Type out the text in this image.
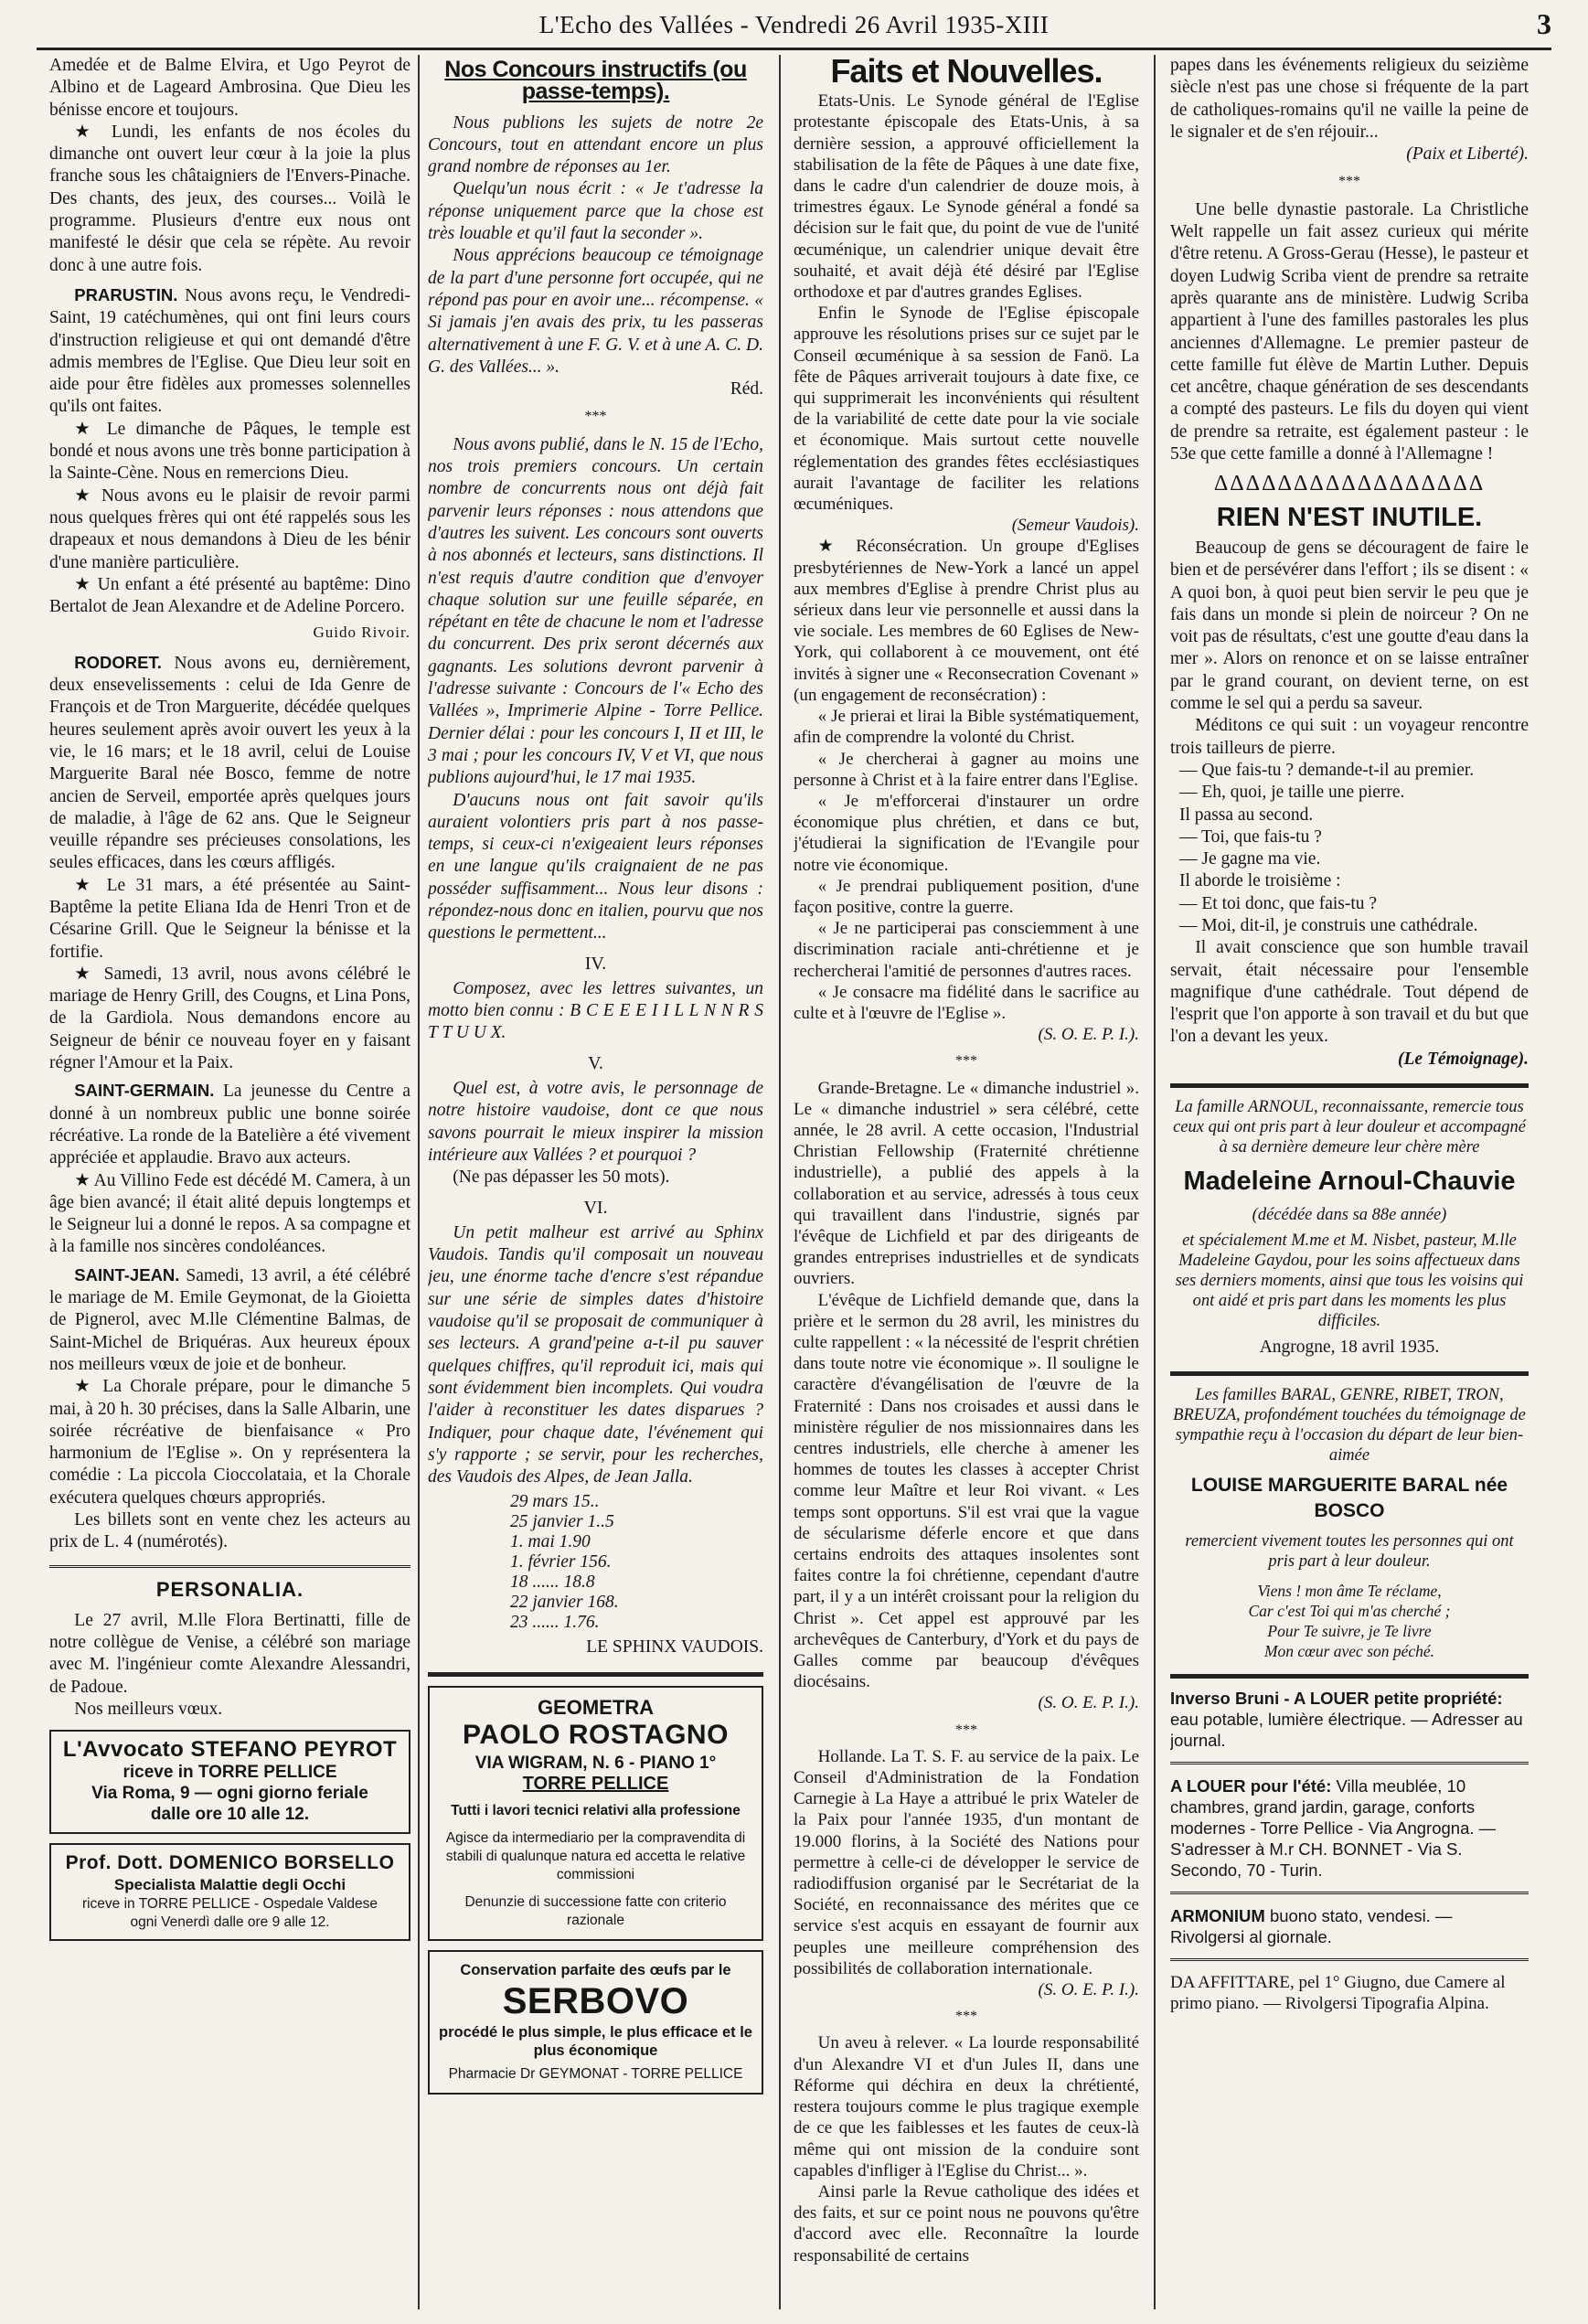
L'Echo des Vallées - Vendredi 26 Avril 1935-XIII	3

Amedée et de Balme Elvira, et Ugo Peyrot de Albino et de Lageard Ambrosina. Que Dieu les bénisse encore et toujours.

★ Lundi, les enfants de nos écoles du dimanche ont ouvert leur cœur à la joie la plus franche sous les châtaigniers de l'Envers-Pinache. Des chants, des jeux, des courses... Voilà le programme. Plusieurs d'entre eux nous ont manifesté le désir que cela se répète. Au revoir donc à une autre fois.

PRARUSTIN. Nous avons reçu, le Vendredi-Saint, 19 catéchumènes, qui ont fini leurs cours d'instruction religieuse et qui ont demandé d'être admis membres de l'Eglise. Que Dieu leur soit en aide pour être fidèles aux promesses solennelles qu'ils ont faites.

★ Le dimanche de Pâques, le temple est bondé et nous avons une très bonne participation à la Sainte-Cène. Nous en remercions Dieu.

★ Nous avons eu le plaisir de revoir parmi nous quelques frères qui ont été rappelés sous les drapeaux et nous demandons à Dieu de les bénir d'une manière particulière.

★ Un enfant a été présenté au baptême: Dino Bertalot de Jean Alexandre et de Adeline Porcero.

Guido Rivoir.

RODORET. Nous avons eu, dernièrement, deux ensevelissements : celui de Ida Genre de François et de Tron Marguerite, décédée quelques heures seulement après avoir ouvert les yeux à la vie, le 16 mars; et le 18 avril, celui de Louise Marguerite Baral née Bosco, femme de notre ancien de Serveil, emportée après quelques jours de maladie, à l'âge de 62 ans. Que le Seigneur veuille répandre ses précieuses consolations, les seules efficaces, dans les cœurs affligés.

★ Le 31 mars, a été présentée au Saint-Baptême la petite Eliana Ida de Henri Tron et de Césarine Grill. Que le Seigneur la bénisse et la fortifie.

★ Samedi, 13 avril, nous avons célébré le mariage de Henry Grill, des Cougns, et Lina Pons, de la Gardiola. Nous demandons encore au Seigneur de bénir ce nouveau foyer en y faisant régner l'Amour et la Paix.

SAINT-GERMAIN. La jeunesse du Centre a donné à un nombreux public une bonne soirée récréative. La ronde de la Batelière a été vivement appréciée et applaudie. Bravo aux acteurs.

★ Au Villino Fede est décédé M. Camera, à un âge bien avancé; il était alité depuis longtemps et le Seigneur lui a donné le repos. A sa compagne et à la famille nos sincères condoléances.

SAINT-JEAN. Samedi, 13 avril, a été célébré le mariage de M. Emile Geymonat, de la Gioietta de Pignerol, avec M.lle Clémentine Balmas, de Saint-Michel de Briquéras. Aux heureux époux nos meilleurs vœux de joie et de bonheur.

★ La Chorale prépare, pour le dimanche 5 mai, à 20 h. 30 précises, dans la Salle Albarin, une soirée récréative de bienfaisance « Pro harmonium de l'Eglise ». On y représentera la comédie : La piccola Cioccolataia, et la Chorale exécutera quelques chœurs appropriés.

Les billets sont en vente chez les acteurs au prix de L. 4 (numérotés).

PERSONALIA.

Le 27 avril, M.lle Flora Bertinatti, fille de notre collègue de Venise, a célébré son mariage avec M. l'ingénieur comte Alexandre Alessandri, de Padoue.

Nos meilleurs vœux.

L'Avvocato STEFANO PEYROT
riceve in TORRE PELLICE
Via Roma, 9 — ogni giorno feriale
dalle ore 10 alle 12.
Prof. Dott. DOMENICO BORSELLO
Specialista Malattie degli Occhi
riceve in TORRE PELLICE - Ospedale Valdese
ogni Venerdì dalle ore 9 alle 12.
Nos Concours instructifs (ou passe-temps).

Nous publions les sujets de notre 2e Concours, tout en attendant encore un plus grand nombre de réponses au 1er.

Quelqu'un nous écrit : « Je t'adresse la réponse uniquement parce que la chose est très louable et qu'il faut la seconder ».

Nous apprécions beaucoup ce témoignage de la part d'une personne fort occupée, qui ne répond pas pour en avoir une... récompense. « Si jamais j'en avais des prix, tu les passeras alternativement à une F. G. V. et à une A. C. D. G. des Vallées... ».

Réd.
***

Nous avons publié, dans le N. 15 de l'Echo, nos trois premiers concours. Un certain nombre de concurrents nous ont déjà fait parvenir leurs réponses : nous attendons que d'autres les suivent. Les concours sont ouverts à nos abonnés et lecteurs, sans distinctions. Il n'est requis d'autre condition que d'envoyer chaque solution sur une feuille séparée, en répétant en tête de chacune le nom et l'adresse du concurrent. Des prix seront décernés aux gagnants. Les solutions devront parvenir à l'adresse suivante : Concours de l'« Echo des Vallées », Imprimerie Alpine - Torre Pellice. Dernier délai : pour les concours I, II et III, le 3 mai ; pour les concours IV, V et VI, que nous publions aujourd'hui, le 17 mai 1935.

D'aucuns nous ont fait savoir qu'ils auraient volontiers pris part à nos passe-temps, si ceux-ci n'exigeaient leurs réponses en une langue qu'ils craignaient de ne pas posséder suffisamment... Nous leur disons : répondez-nous donc en italien, pourvu que nos questions le permettent...

IV.

Composez, avec les lettres suivantes, un motto bien connu : B C E E E I I L L N N R S T T U U X.

V.

Quel est, à votre avis, le personnage de notre histoire vaudoise, dont ce que nous savons pourrait le mieux inspirer la mission intérieure aux Vallées ? et pourquoi ?

(Ne pas dépasser les 50 mots).

VI.

Un petit malheur est arrivé au Sphinx Vaudois. Tandis qu'il composait un nouveau jeu, une énorme tache d'encre s'est répandue sur une série de simples dates d'histoire vaudoise qu'il se proposait de communiquer à ses lecteurs. A grand'peine a-t-il pu sauver quelques chiffres, qu'il reproduit ici, mais qui sont évidemment bien incomplets. Qui voudra l'aider à reconstituer les dates disparues ? Indiquer, pour chaque date, l'événement qui s'y rapporte ; se servir, pour les recherches, des Vaudois des Alpes, de Jean Jalla.

29 mars 15..
25 janvier 1..5
1. mai 1.90
1. février 156.
18 ...... 18.8
22 janvier 168.
23 ...... 1.76.
LE SPHINX VAUDOIS.
GEOMETRA
PAOLO ROSTAGNO
VIA WIGRAM, N. 6 - PIANO 1°
TORRE PELLICE
Tutti i lavori tecnici relativi alla professione
Agisce da intermediario per la compravendita di stabili di qualunque natura ed accetta le relative commissioni
Denunzie di successione fatte con criterio razionale
Conservation parfaite des œufs par le
SERBOVO
procédé le plus simple, le plus efficace et le plus économique
Pharmacie Dr GEYMONAT - TORRE PELLICE
Faits et Nouvelles.

Etats-Unis. Le Synode général de l'Eglise protestante épiscopale des Etats-Unis, à sa dernière session, a approuvé officiellement la stabilisation de la fête de Pâques à une date fixe, dans le cadre d'un calendrier de douze mois, à trimestres égaux. Le Synode général a fondé sa décision sur le fait que, du point de vue de l'unité œcuménique, un calendrier unique devait être souhaité, et avait déjà été désiré par l'Eglise orthodoxe et par d'autres grandes Eglises.

Enfin le Synode de l'Eglise épiscopale approuve les résolutions prises sur ce sujet par le Conseil œcuménique à sa session de Fanö. La fête de Pâques arriverait toujours à date fixe, ce qui supprimerait les inconvénients qui résultent de la variabilité de cette date pour la vie sociale et économique. Mais surtout cette nouvelle réglementation des grandes fêtes ecclésiastiques aurait l'avantage de faciliter les relations œcuméniques.

(Semeur Vaudois).

★ Réconsécration. Un groupe d'Eglises presbytériennes de New-York a lancé un appel aux membres d'Eglise à prendre Christ plus au sérieux dans leur vie personnelle et aussi dans la vie sociale. Les membres de 60 Eglises de New-York, qui collaborent à ce mouvement, ont été invités à signer une « Reconsecration Covenant » (un engagement de reconsécration) :

« Je prierai et lirai la Bible systématiquement, afin de comprendre la volonté du Christ.

« Je chercherai à gagner au moins une personne à Christ et à la faire entrer dans l'Eglise.

« Je m'efforcerai d'instaurer un ordre économique plus chrétien, et dans ce but, j'étudierai la signification de l'Evangile pour notre vie économique.

« Je prendrai publiquement position, d'une façon positive, contre la guerre.

« Je ne participerai pas consciemment à une discrimination raciale anti-chrétienne et je rechercherai l'amitié de personnes d'autres races.

« Je consacre ma fidélité dans le sacrifice au culte et à l'œuvre de l'Eglise ».

(S. O. E. P. I.).
***

Grande-Bretagne. Le « dimanche industriel ». Le « dimanche industriel » sera célébré, cette année, le 28 avril. A cette occasion, l'Industrial Christian Fellowship (Fraternité chrétienne industrielle), a publié des appels à la collaboration et au service, adressés à tous ceux qui travaillent dans l'industrie, signés par l'évêque de Lichfield et par des dirigeants de grandes entreprises industrielles et de syndicats ouvriers.

L'évêque de Lichfield demande que, dans la prière et le sermon du 28 avril, les ministres du culte rappellent : « la nécessité de l'esprit chrétien dans toute notre vie économique ». Il souligne le caractère d'évangélisation de l'œuvre de la Fraternité : Dans nos croisades et aussi dans le ministère régulier de nos missionnaires dans les centres industriels, elle cherche à amener les hommes de toutes les classes à accepter Christ comme leur Maître et leur Roi vivant. « Les temps sont opportuns. S'il est vrai que la vague de sécularisme déferle encore et que dans certains endroits des attaques insolentes sont faites contre la foi chrétienne, cependant d'autre part, il y a un intérêt croissant pour la religion du Christ ». Cet appel est approuvé par les archevêques de Canterbury, d'York et du pays de Galles comme par beaucoup d'évêques diocésains.

(S. O. E. P. I.).
***

Hollande. La T. S. F. au service de la paix. Le Conseil d'Administration de la Fondation Carnegie à La Haye a attribué le prix Wateler de la Paix pour l'année 1935, d'un montant de 19.000 florins, à la Société des Nations pour permettre à celle-ci de développer le service de radiodiffusion organisé par le Secrétariat de la Société, en reconnaissance des mérites que ce service s'est acquis en essayant de fournir aux peuples une meilleure compréhension des possibilités de collaboration internationale.

(S. O. E. P. I.).
***

Un aveu à relever. « La lourde responsabilité d'un Alexandre VI et d'un Jules II, dans une Réforme qui déchira en deux la chrétienté, restera toujours comme le plus tragique exemple de ce que les faiblesses et les fautes de ceux-là même qui ont mission de la conduire sont capables d'infliger à l'Eglise du Christ... ».

Ainsi parle la Revue catholique des idées et des faits, et sur ce point nous ne pouvons qu'être d'accord avec elle. Reconnaître la lourde responsabilité de certains

papes dans les événements religieux du seizième siècle n'est pas une chose si fréquente de la part de catholiques-romains qu'il ne vaille la peine de le signaler et de s'en réjouir...

(Paix et Liberté).
***

Une belle dynastie pastorale. La Christliche Welt rappelle un fait assez curieux qui mérite d'être retenu. A Gross-Gerau (Hesse), le pasteur et doyen Ludwig Scriba vient de prendre sa retraite après quarante ans de ministère. Ludwig Scriba appartient à l'une des familles pastorales les plus anciennes d'Allemagne. Le premier pasteur de cette famille fut élève de Martin Luther. Depuis cet ancêtre, chaque génération de ses descendants a compté des pasteurs. Le fils du doyen qui vient de prendre sa retraite, est également pasteur : le 53e que cette famille a donné à l'Allemagne !

ΔΔΔΔΔΔΔΔΔΔΔΔΔΔΔΔΔ
RIEN N'EST INUTILE.

Beaucoup de gens se découragent de faire le bien et de persévérer dans l'effort ; ils se disent : « A quoi bon, à quoi peut bien servir le peu que je fais dans un monde si plein de noirceur ? On ne voit pas de résultats, c'est une goutte d'eau dans la mer ». Alors on renonce et on se laisse entraîner par le grand courant, on devient terne, on est comme le sel qui a perdu sa saveur.

Méditons ce qui suit : un voyageur rencontre trois tailleurs de pierre.

— Que fais-tu ? demande-t-il au premier.
— Eh, quoi, je taille une pierre.
Il passa au second.
— Toi, que fais-tu ?
— Je gagne ma vie.
Il aborde le troisième :
— Et toi donc, que fais-tu ?
— Moi, dit-il, je construis une cathédrale.

Il avait conscience que son humble travail servait, était nécessaire pour l'ensemble magnifique d'une cathédrale. Tout dépend de l'esprit que l'on apporte à son travail et du but que l'on a devant les yeux.

(Le Témoignage).
La famille ARNOUL, reconnaissante, remercie tous ceux qui ont pris part à leur douleur et accompagné à sa dernière demeure leur chère mère
Madeleine Arnoul-Chauvie
(décédée dans sa 88e année)
et spécialement M.me et M. Nisbet, pasteur, M.lle Madeleine Gaydou, pour les soins affectueux dans ses derniers moments, ainsi que tous les voisins qui ont aidé et pris part dans les moments les plus difficiles.
Angrogne, 18 avril 1935.
Les familles BARAL, GENRE, RIBET, TRON, BREUZA, profondément touchées du témoignage de sympathie reçu à l'occasion du départ de leur bien-aimée
LOUISE MARGUERITE BARAL née BOSCO
remercient vivement toutes les personnes qui ont pris part à leur douleur.
Viens ! mon âme Te réclame,
Car c'est Toi qui m'as cherché ;
Pour Te suivre, je Te livre
Mon cœur avec son péché.
Inverso Bruni - A LOUER petite propriété: eau potable, lumière électrique. — Adresser au journal.
A LOUER pour l'été: Villa meublée, 10 chambres, grand jardin, garage, conforts modernes - Torre Pellice - Via Angrogna. — S'adresser à M.r CH. BONNET - Via S. Secondo, 70 - Turin.
ARMONIUM buono stato, vendesi. — Rivolgersi al giornale.
DA AFFITTARE, pel 1° Giugno, due Camere al primo piano. — Rivolgersi Tipografia Alpina.
